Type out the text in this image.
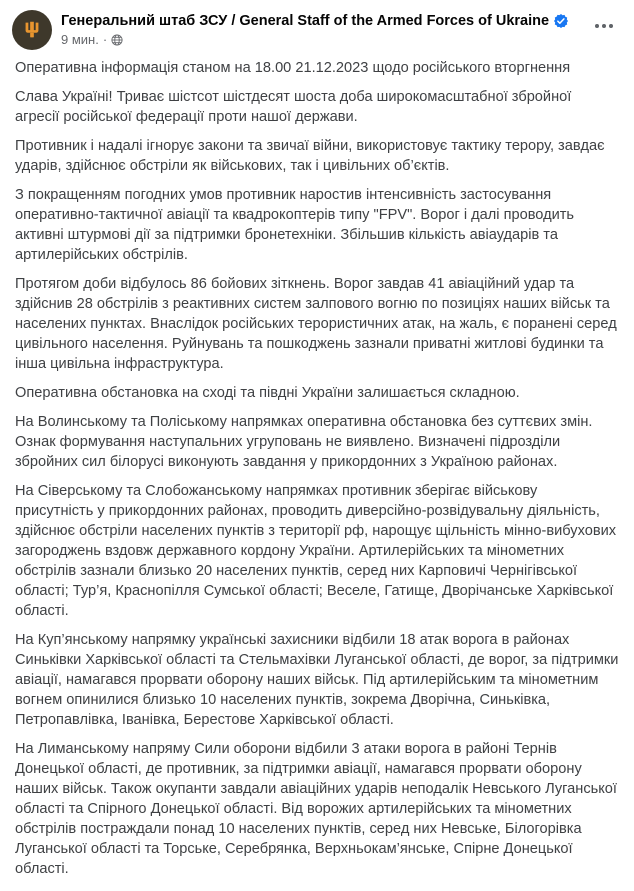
Генеральний штаб ЗСУ / General Staff of the Armed Forces of Ukraine
9 мин. ·

Оперативна інформація станом на 18.00 21.12.2023 щодо російського вторгнення

Слава Україні! Триває шістсот шістдесят шоста доба широкомасштабної збройної агресії російської федерації проти нашої держави.

Противник і надалі ігнорує закони та звичаї війни, використовує тактику терору, завдає ударів, здійснює обстріли як військових, так і цивільних об’єктів.

З покращенням погодних умов противник наростив інтенсивність застосування оперативно-тактичної авіації та квадрокоптерів типу "FPV". Ворог і далі проводить активні штурмові дії за підтримки бронетехніки. Збільшив кількість авіаударів та артилерійських обстрілів.

Протягом доби відбулось 86 бойових зіткнень. Ворог завдав 41 авіаційний удар та здійснив 28 обстрілів з реактивних систем залпового вогню по позиціях наших військ та населених пунктах. Внаслідок російських терористичних атак, на жаль, є поранені серед цивільного населення. Руйнувань та пошкоджень зазнали приватні житлові будинки та інша цивільна інфраструктура.

Оперативна обстановка на сході та півдні України залишається складною.

На Волинському та Поліському напрямках оперативна обстановка без суттєвих змін. Ознак формування наступальних угруповань не виявлено. Визначені підрозділи збройних сил білорусі виконують завдання у прикордонних з Україною районах.

На Сіверському та Слобожанському напрямках противник зберігає військову присутність у прикордонних районах, проводить диверсійно-розвідувальну діяльність, здійснює обстріли населених пунктів з території рф, нарощує щільність мінно-вибухових загороджень вздовж державного кордону України. Артилерійських та мінометних обстрілів зазнали близько 20 населених пунктів, серед них Карповичі Чернігівської області; Тур’я, Краснопілля Сумської області; Веселе, Гатище, Дворічанське Харківської області.

На Куп’янському напрямку українські захисники відбили 18 атак ворога в районах Синьківки Харківської області та Стельмахівки Луганської області, де ворог, за підтримки авіації, намагався прорвати оборону наших військ. Під артилерійським та мінометним вогнем опинилися близько 10 населених пунктів, зокрема Дворічна, Синьківка, Петропавлівка, Іванівка, Берестове Харківської області.

На Лиманському напряму Сили оборони відбили 3 атаки ворога в районі Тернів Донецької області, де противник, за підтримки авіації, намагався прорвати оборону наших військ. Також окупанти завдали авіаційних ударів неподалік Невського Луганської області та Спірного Донецької області. Від ворожих артилерійських та мінометних обстрілів постраждали понад 10 населених пунктів, серед них Невське, Білогорівка Луганської області та Торське, Серебрянка, Верхньокам’янське, Спірне Донецької області.
